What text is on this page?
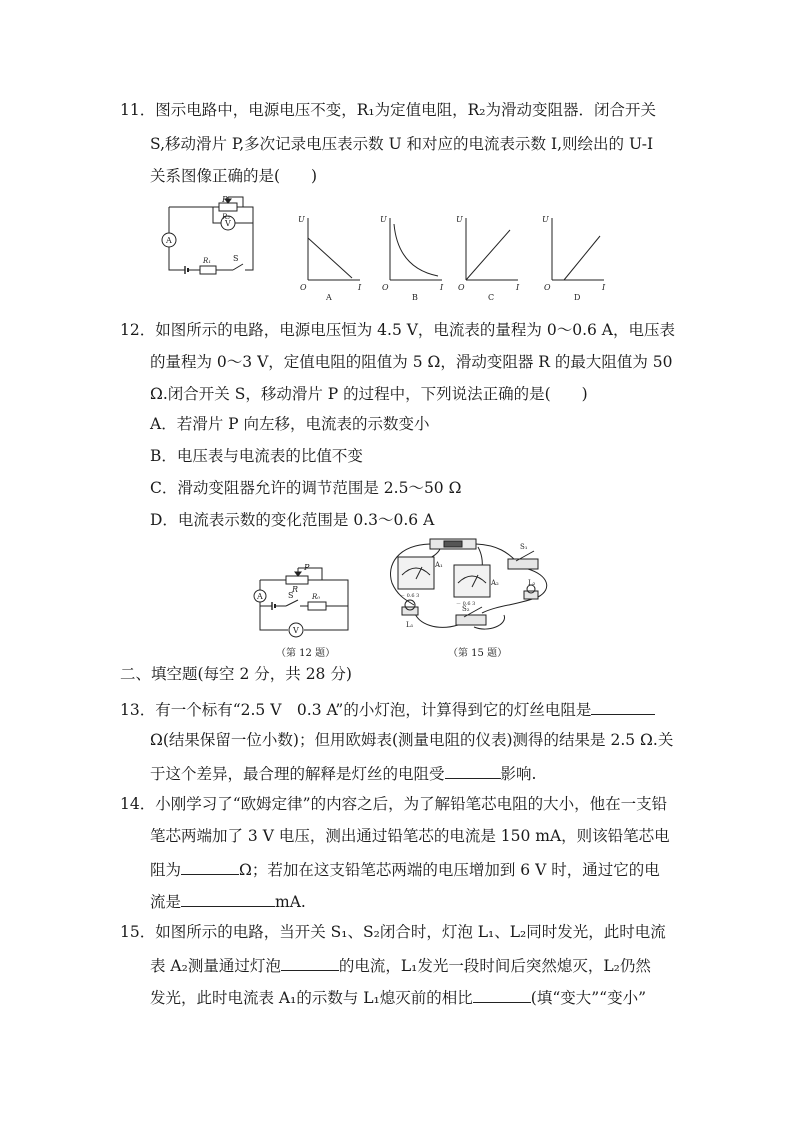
11．图示电路中，电源电压不变，R₁为定值电阻，R₂为滑动变阻器．闭合开关
S,移动滑片 P,多次记录电压表示数 U 和对应的电流表示数 I,则绘出的 U-I
关系图像正确的是(　　)
A
V
P
R₂
R₁	S
U
O	I
U
O	I
U
O	I
U
O	I
A	B	C	D
12．如图所示的电路，电源电压恒为 4.5 V，电流表的量程为 0～0.6 A，电压表
的量程为 0～3 V，定值电阻的阻值为 5 Ω，滑动变阻器 R 的最大阻值为 50
Ω.闭合开关 S，移动滑片 P 的过程中，下列说法正确的是(　　)
A．若滑片 P 向左移，电流表的示数变小
B．电压表与电流表的比值不变
C．滑动变阻器允许的调节范围是 2.5～50 Ω
D．电流表示数的变化范围是 0.3～0.6 A
A
V
P
R
S	R₀
（第 12 题）
A₁
A₂
－ 0.6 3
－ 0.6 3
S₁
L₂
L₁
S₂
（第 15 题）
二、填空题(每空 2 分，共 28 分)
13．有一个标有“2.5 V　0.3 A”的小灯泡，计算得到它的灯丝电阻是
Ω(结果保留一位小数)；但用欧姆表(测量电阻的仪表)测得的结果是 2.5 Ω.关
于这个差异，最合理的解释是灯丝的电阻受	影响.
14．小刚学习了“欧姆定律”的内容之后，为了解铅笔芯电阻的大小，他在一支铅
笔芯两端加了 3 V 电压，测出通过铅笔芯的电流是 150 mA，则该铅笔芯电
阻为	Ω；若加在这支铅笔芯两端的电压增加到 6 V 时，通过它的电
流是	mA.
15．如图所示的电路，当开关 S₁、S₂闭合时，灯泡 L₁、L₂同时发光，此时电流
表 A₂测量通过灯泡	的电流，L₁发光一段时间后突然熄灭，L₂仍然
发光，此时电流表 A₁的示数与 L₁熄灭前的相比	(填“变大”“变小”
